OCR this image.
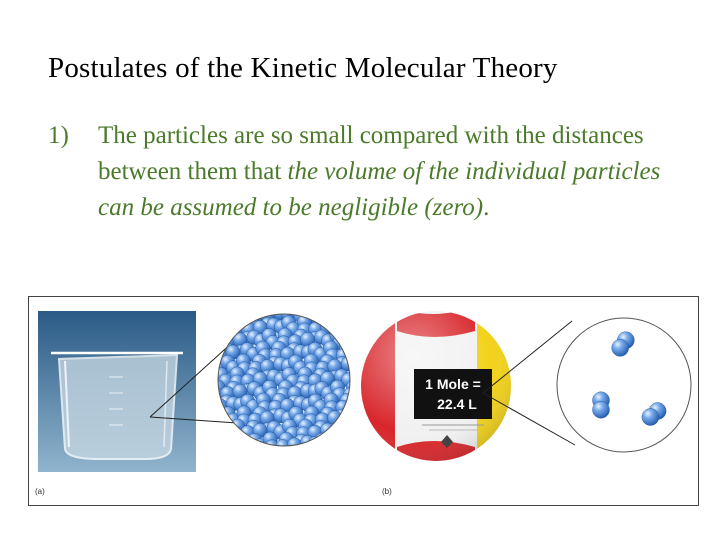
Postulates of the Kinetic Molecular Theory
1) The particles are so small compared with the distances between them that the volume of the individual particles can be assumed to be negligible (zero).
1 Mole =
22.4 L
(a)	(b)
